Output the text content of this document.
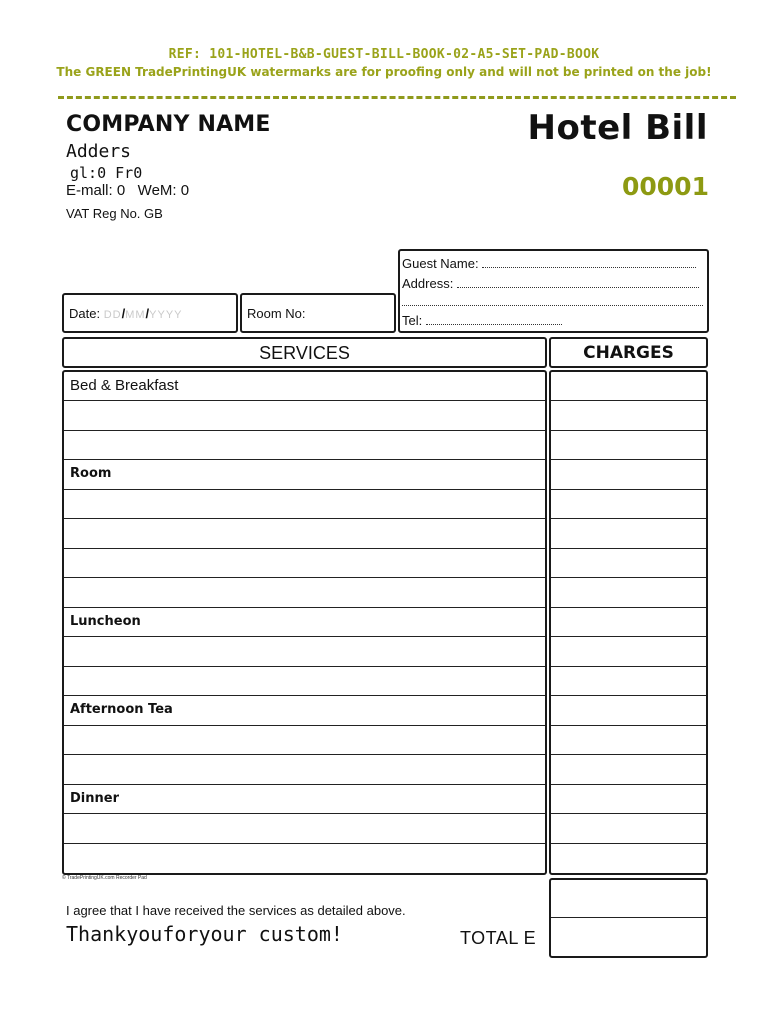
REF: 101-HOTEL-B&B-GUEST-BILL-BOOK-02-A5-SET-PAD-BOOK
The GREEN TradePrintingUK watermarks are for proofing only and will not be printed on the job!
COMPANY NAME
Adders
gl:0 Fr0
E-mall: 0   WeM: 0
VAT Reg No. GB
Hotel Bill
00001
Guest Name:
Address:
Tel:
Date: DD/MM/YYYY	Room No:
SERVICES	CHARGES
Bed & Breakfast
Room
Luncheon
Afternoon Tea
Dinner
© TradePrintingUK.com Recorder Pad
I agree that I have received the services as detailed above.
Thankyouforyour custom!	TOTAL E
